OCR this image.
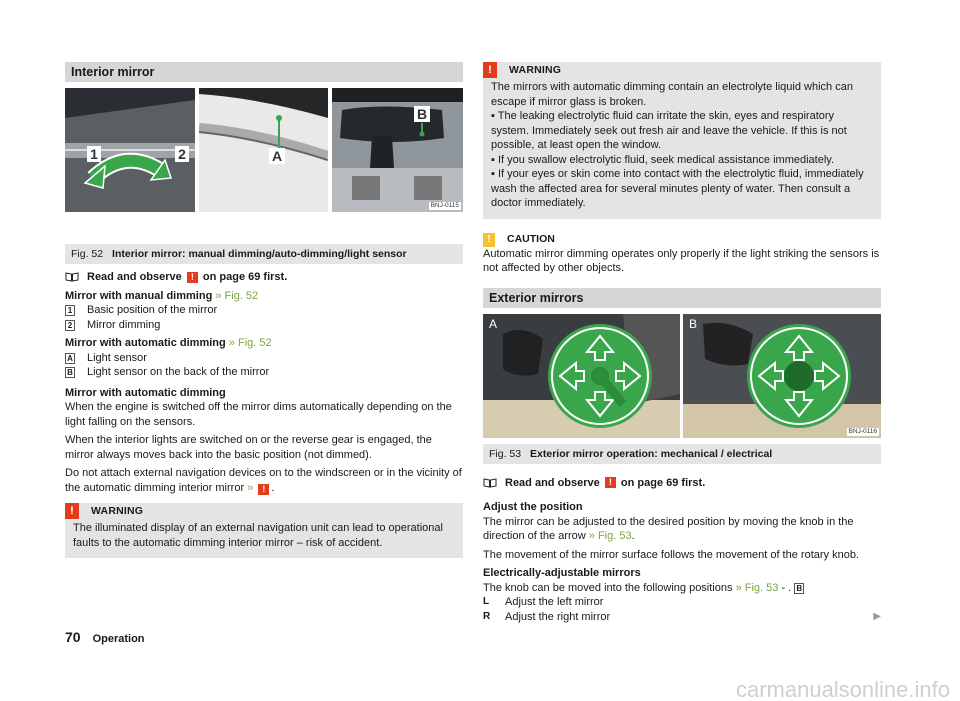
Interior mirror
1	2	A
B
BNJ-0115
Fig. 52 Interior mirror: manual dimming/auto-dimming/light sensor
Read and observe
	!
on page 69 first.
Mirror with manual dimming » Fig. 52
1 Basic position of the mirror
2 Mirror dimming
Mirror with automatic dimming » Fig. 52
A Light sensor
B Light sensor on the back of the mirror
Mirror with automatic dimming

When the engine is switched off the mirror dims automatically depending on the light falling on the sensors.

When the interior lights are switched on or the reverse gear is engaged, the mirror always moves back into the basic position (not dimmed).

Do not attach external navigation devices on to the windscreen or in the vicinity of the automatic dimming interior mirror » ! .

!	WARNING
The illuminated display of an external navigation unit can lead to operational faults to the automatic dimming interior mirror – risk of accident.
!	WARNING
The mirrors with automatic dimming contain an electrolyte liquid which can escape if mirror glass is broken.
▪ The leaking electrolytic fluid can irritate the skin, eyes and respiratory system. Immediately seek out fresh air and leave the vehicle. If this is not possible, at least open the window.
▪ If you swallow electrolytic fluid, seek medical assistance immediately.
▪ If your eyes or skin come into contact with the electrolytic fluid, immediately wash the affected area for several minutes plenty of water. Then consult a doctor immediately.
!	CAUTION

Automatic mirror dimming operates only properly if the light striking the sensors is not affected by other objects.

Exterior mirrors
A	B
BNJ-0116
Fig. 53 Exterior mirror operation: mechanical / electrical
Read and observe
	!
on page 69 first.
Adjust the position

The mirror can be adjusted to the desired position by moving the knob in the direction of the arrow » Fig. 53.

The movement of the mirror surface follows the movement of the rotary knob.

Electrically-adjustable mirrors
The knob can be moved into the following positions » Fig. 53 - . B
L	Adjust the left mirror
R Adjust the right mirror	▶
70 Operation
carmanualsonline.info
